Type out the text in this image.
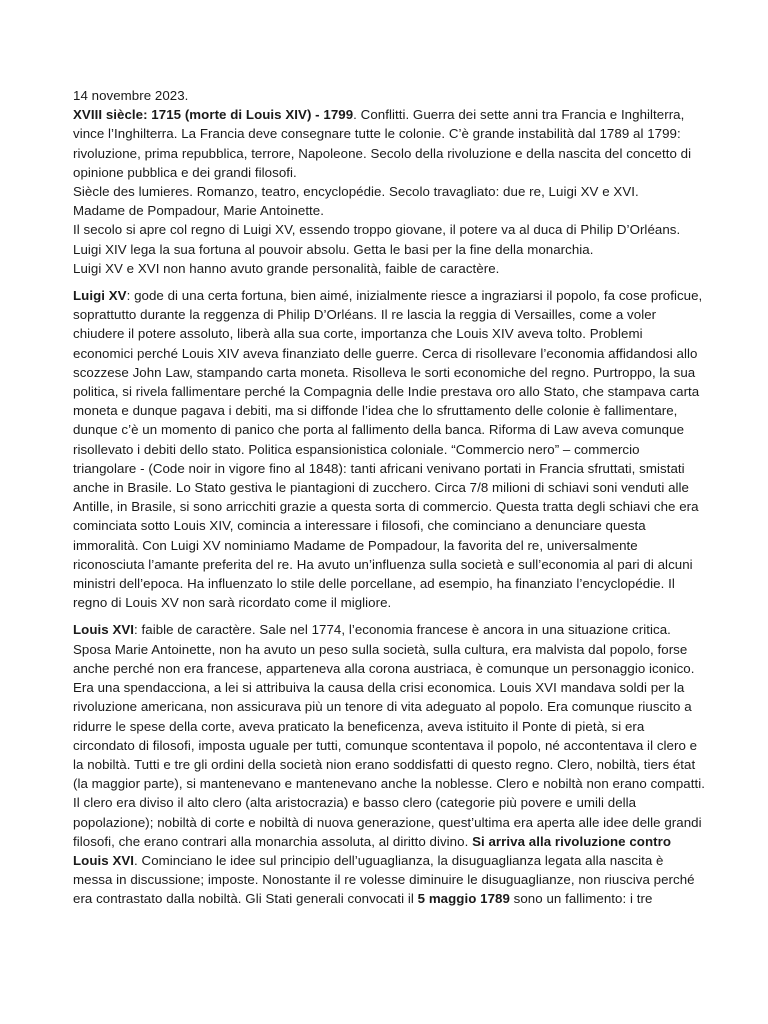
14 novembre 2023.
XVIII siècle: 1715 (morte di Louis XIV) - 1799. Conflitti. Guerra dei sette anni tra Francia e Inghilterra, vince l’Inghilterra. La Francia deve consegnare tutte le colonie. C’è grande instabilità dal 1789 al 1799: rivoluzione, prima repubblica, terrore, Napoleone. Secolo della rivoluzione e della nascita del concetto di opinione pubblica e dei grandi filosofi.
Siècle des lumieres. Romanzo, teatro, encyclopédie. Secolo travagliato: due re, Luigi XV e XVI.
Madame de Pompadour, Marie Antoinette.
Il secolo si apre col regno di Luigi XV, essendo troppo giovane, il potere va al duca di Philip D’Orléans. Luigi XIV lega la sua fortuna al pouvoir absolu. Getta le basi per la fine della monarchia.
Luigi XV e XVI non hanno avuto grande personalità, faible de caractère.
Luigi XV: gode di una certa fortuna, bien aimé, inizialmente riesce a ingraziarsi il popolo, fa cose proficue, soprattutto durante la reggenza di Philip D’Orléans. Il re lascia la reggia di Versailles, come a voler chiudere il potere assoluto, liberà alla sua corte, importanza che Louis XIV aveva tolto. Problemi economici perché Louis XIV aveva finanziato delle guerre. Cerca di risollevare l’economia affidandosi allo scozzese John Law, stampando carta moneta. Risolleva le sorti economiche del regno. Purtroppo, la sua politica, si rivela fallimentare perché la Compagnia delle Indie prestava oro allo Stato, che stampava carta moneta e dunque pagava i debiti, ma si diffonde l’idea che lo sfruttamento delle colonie è fallimentare, dunque c’è un momento di panico che porta al fallimento della banca. Riforma di Law aveva comunque risollevato i debiti dello stato. Politica espansionistica coloniale. “Commercio nero” – commercio triangolare - (Code noir in vigore fino al 1848): tanti africani venivano portati in Francia sfruttati, smistati anche in Brasile. Lo Stato gestiva le piantagioni di zucchero. Circa 7/8 milioni di schiavi soni venduti alle Antille, in Brasile, si sono arricchiti grazie a questa sorta di commercio. Questa tratta degli schiavi che era cominciata sotto Louis XIV, comincia a interessare i filosofi, che cominciano a denunciare questa immoralità. Con Luigi XV nominiamo Madame de Pompadour, la favorita del re, universalmente riconosciuta l’amante preferita del re. Ha avuto un’influenza sulla società e sull’economia al pari di alcuni ministri dell’epoca. Ha influenzato lo stile delle porcellane, ad esempio, ha finanziato l’encyclopédie. Il regno di Louis XV non sarà ricordato come il migliore.
Louis XVI: faible de caractère. Sale nel 1774, l’economia francese è ancora in una situazione critica. Sposa Marie Antoinette, non ha avuto un peso sulla società, sulla cultura, era malvista dal popolo, forse anche perché non era francese, apparteneva alla corona austriaca, è comunque un personaggio iconico. Era una spendacciona, a lei si attribuiva la causa della crisi economica. Louis XVI mandava soldi per la rivoluzione americana, non assicurava più un tenore di vita adeguato al popolo. Era comunque riuscito a ridurre le spese della corte, aveva praticato la beneficenza, aveva istituito il Ponte di pietà, si era circondato di filosofi, imposta uguale per tutti, comunque scontentava il popolo, né accontentava il clero e la nobiltà. Tutti e tre gli ordini della società nion erano soddisfatti di questo regno. Clero, nobiltà, tiers état (la maggior parte), si mantenevano e mantenevano anche la noblesse. Clero e nobiltà non erano compatti. Il clero era diviso il alto clero (alta aristocrazia) e basso clero (categorie più povere e umili della popolazione); nobiltà di corte e nobiltà di nuova generazione, quest’ultima era aperta alle idee delle grandi filosofi, che erano contrari alla monarchia assoluta, al diritto divino. Si arriva alla rivoluzione contro Louis XVI. Cominciano le idee sul principio dell’uguaglianza, la disuguaglianza legata alla nascita è messa in discussione; imposte. Nonostante il re volesse diminuire le disuguaglianze, non riusciva perché era contrastato dalla nobiltà. Gli Stati generali convocati il 5 maggio 1789 sono un fallimento: i tre
